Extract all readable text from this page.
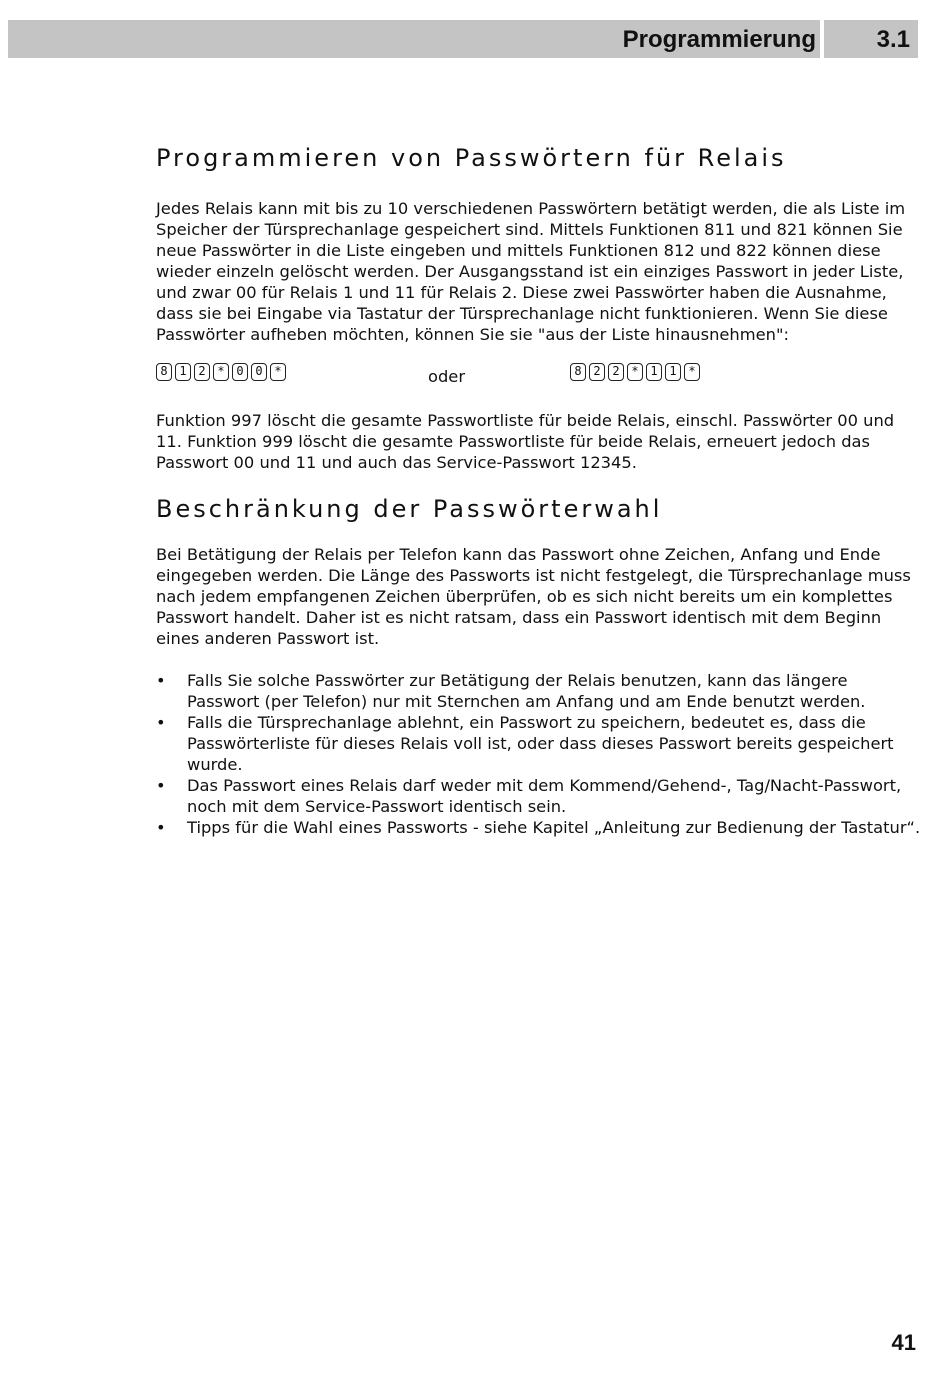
Programmierung	3.1
Programmieren von Passwörtern für Relais

Jedes Relais kann mit bis zu 10 verschiedenen Passwörtern betätigt werden, die als Liste im Speicher der Türsprechanlage gespeichert sind. Mittels Funktionen 811 und 821 können Sie neue Passwörter in die Liste eingeben und mittels Funktionen 812 und 822 können diese wieder einzeln gelöscht werden. Der Ausgangsstand ist ein einziges Passwort in jeder Liste, und zwar 00 für Relais 1 und 11 für Relais 2. Diese zwei Passwörter haben die Ausnahme, dass sie bei Eingabe via Tastatur der Türsprechanlage nicht funktionieren. Wenn Sie diese Passwörter aufheben möchten, können Sie sie "aus der Liste hinausnehmen":

8 1 2 * 0 0 *	oder	8 2 2 * 1 1 *

Funktion 997 löscht die gesamte Passwortliste für beide Relais, einschl. Passwörter 00 und 11. Funktion 999 löscht die gesamte Passwortliste für beide Relais, erneuert jedoch das Passwort 00 und 11 und auch das Service-Passwort 12345.

Beschränkung der Passwörterwahl

Bei Betätigung der Relais per Telefon kann das Passwort ohne Zeichen, Anfang und Ende eingegeben werden. Die Länge des Passworts ist nicht festgelegt, die Türsprechanlage muss nach jedem empfangenen Zeichen überprüfen, ob es sich nicht bereits um ein komplettes Passwort handelt. Daher ist es nicht ratsam, dass ein Passwort identisch mit dem Beginn eines anderen Passwort ist.

• Falls Sie solche Passwörter zur Betätigung der Relais benutzen, kann das längere Passwort (per Telefon) nur mit Sternchen am Anfang und am Ende benutzt werden.
• Falls die Türsprechanlage ablehnt, ein Passwort zu speichern, bedeutet es, dass die Passwörterliste für dieses Relais voll ist, oder dass dieses Passwort bereits gespeichert wurde.
• Das Passwort eines Relais darf weder mit dem Kommend/Gehend-, Tag/Nacht-Passwort, noch mit dem Service-Passwort identisch sein.
• Tipps für die Wahl eines Passworts - siehe Kapitel „Anleitung zur Bedienung der Tastatur“.
41
